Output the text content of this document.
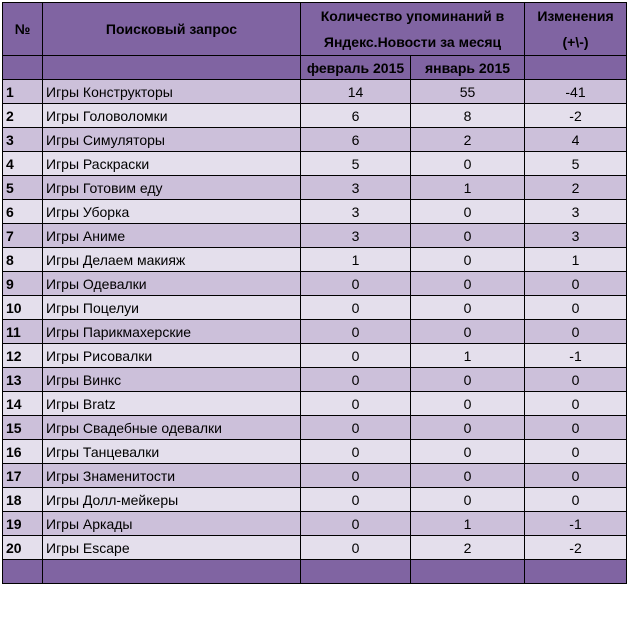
№	Поисковый запрос	Количество упоминаний в Яндекс.Новости за месяц		Изменения (+\-)
		февраль 2015	январь 2015	
1	Игры Конструкторы	14	55	-41
2	Игры Головоломки	6	8	-2
3	Игры Симуляторы	6	2	4
4	Игры Раскраски	5	0	5
5	Игры Готовим еду	3	1	2
6	Игры Уборка	3	0	3
7	Игры Аниме	3	0	3
8	Игры Делаем макияж	1	0	1
9	Игры Одевалки	0	0	0
10	Игры Поцелуи	0	0	0
11	Игры Парикмахерские	0	0	0
12	Игры Рисовалки	0	1	-1
13	Игры Винкс	0	0	0
14	Игры Bratz	0	0	0
15	Игры Свадебные одевалки	0	0	0
16	Игры Танцевалки	0	0	0
17	Игры Знаменитости	0	0	0
18	Игры Долл-мейкеры	0	0	0
19	Игры Аркады	0	1	-1
20	Игры Escape	0	2	-2
